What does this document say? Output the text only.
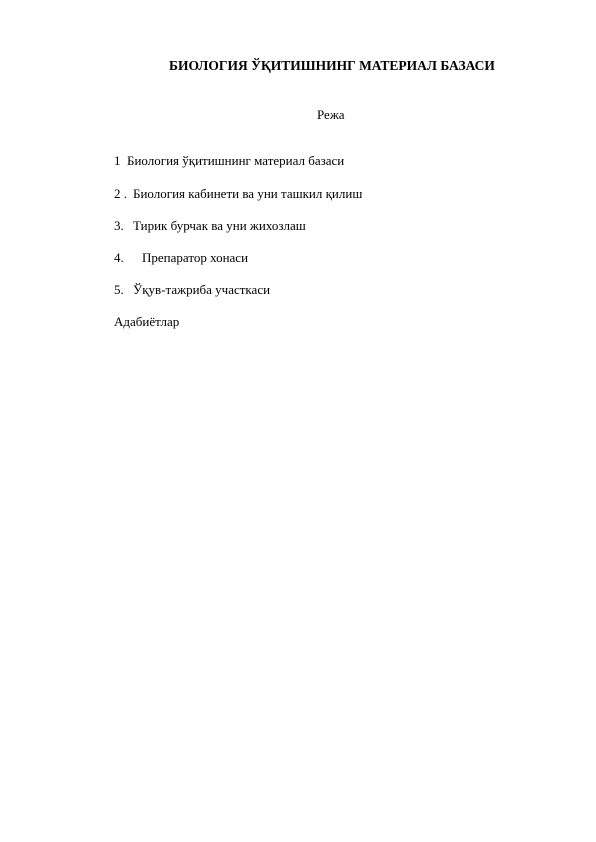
БИОЛОГИЯ ЎҚИТИШНИНГ МАТЕРИАЛ БАЗАСИ
Режа
1 Биология ўқитишнинг материал базаси
2 . Биология кабинети ва уни ташкил қилиш
3. Тирик бурчак ва уни жихозлаш
4. Препаратор хонаси
5. Ўқув-тажриба участкаси

Адабиётлар
